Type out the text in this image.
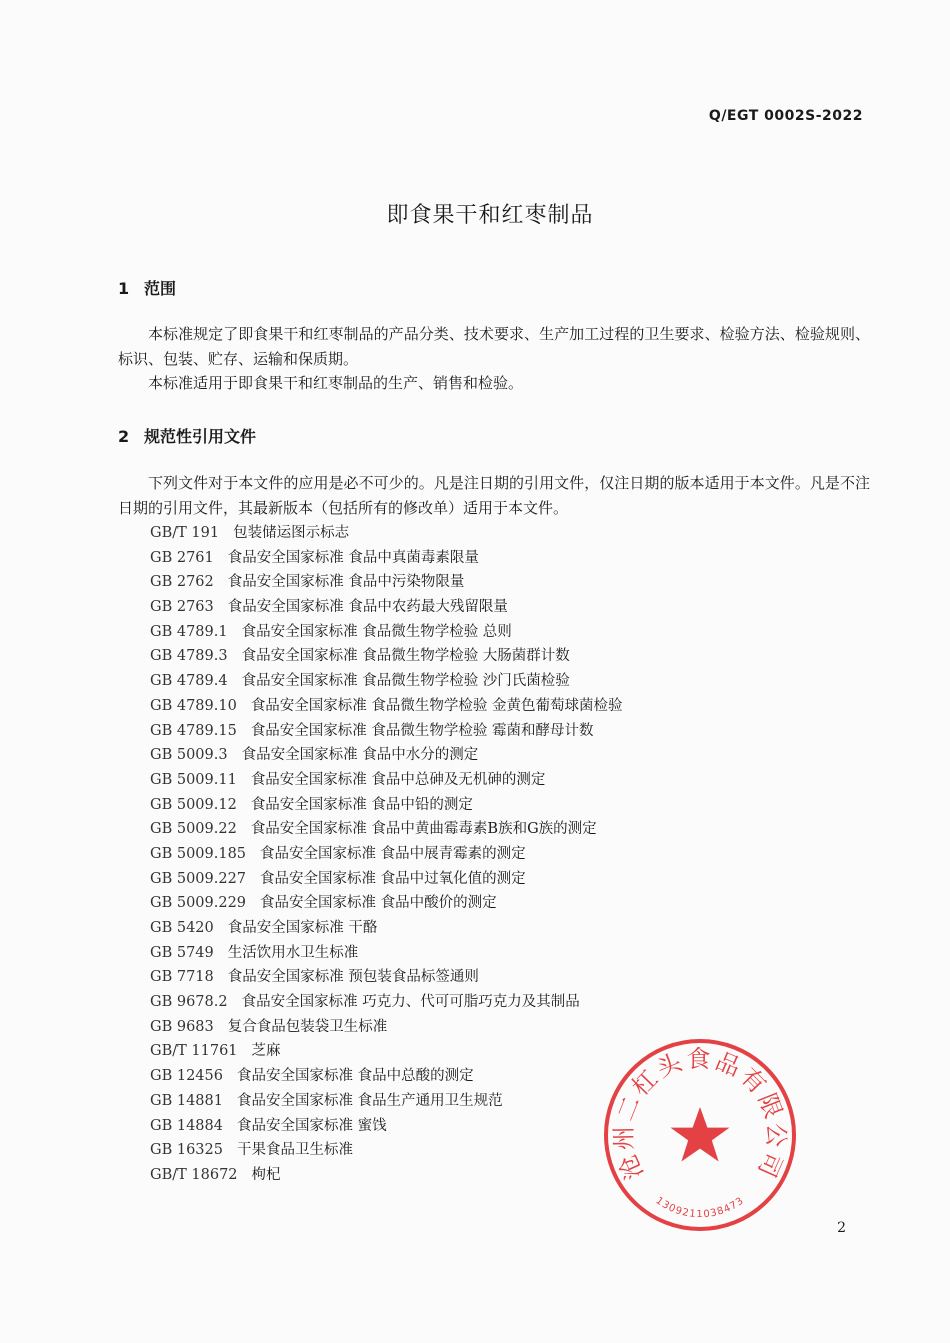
Q/EGT 0002S-2022
即食果干和红枣制品
1 范围

本标准规定了即食果干和红枣制品的产品分类、技术要求、生产加工过程的卫生要求、检验方法、检验规则、标识、包装、贮存、运输和保质期。

本标准适用于即食果干和红枣制品的生产、销售和检验。

2 规范性引用文件

下列文件对于本文件的应用是必不可少的。凡是注日期的引用文件，仅注日期的版本适用于本文件。凡是不注日期的引用文件，其最新版本（包括所有的修改单）适用于本文件。

GB/T 191 包装储运图示标志
GB 2761 食品安全国家标准 食品中真菌毒素限量
GB 2762 食品安全国家标准 食品中污染物限量
GB 2763 食品安全国家标准 食品中农药最大残留限量
GB 4789.1 食品安全国家标准 食品微生物学检验 总则
GB 4789.3 食品安全国家标准 食品微生物学检验 大肠菌群计数
GB 4789.4 食品安全国家标准 食品微生物学检验 沙门氏菌检验
GB 4789.10 食品安全国家标准 食品微生物学检验 金黄色葡萄球菌检验
GB 4789.15 食品安全国家标准 食品微生物学检验 霉菌和酵母计数
GB 5009.3 食品安全国家标准 食品中水分的测定
GB 5009.11 食品安全国家标准 食品中总砷及无机砷的测定
GB 5009.12 食品安全国家标准 食品中铅的测定
GB 5009.22 食品安全国家标准 食品中黄曲霉毒素B族和G族的测定
GB 5009.185 食品安全国家标准 食品中展青霉素的测定
GB 5009.227 食品安全国家标准 食品中过氧化值的测定
GB 5009.229 食品安全国家标准 食品中酸价的测定
GB 5420 食品安全国家标准 干酪
GB 5749 生活饮用水卫生标准
GB 7718 食品安全国家标准 预包装食品标签通则
GB 9678.2 食品安全国家标准 巧克力、代可可脂巧克力及其制品
GB 9683 复合食品包装袋卫生标准
GB/T 11761 芝麻
GB 12456 食品安全国家标准 食品中总酸的测定
GB 14881 食品安全国家标准 食品生产通用卫生规范
GB 14884 食品安全国家标准 蜜饯
GB 16325 干果食品卫生标准
GB/T 18672 枸杞	沧州二杠头食品有限公司
1309211038473
2
